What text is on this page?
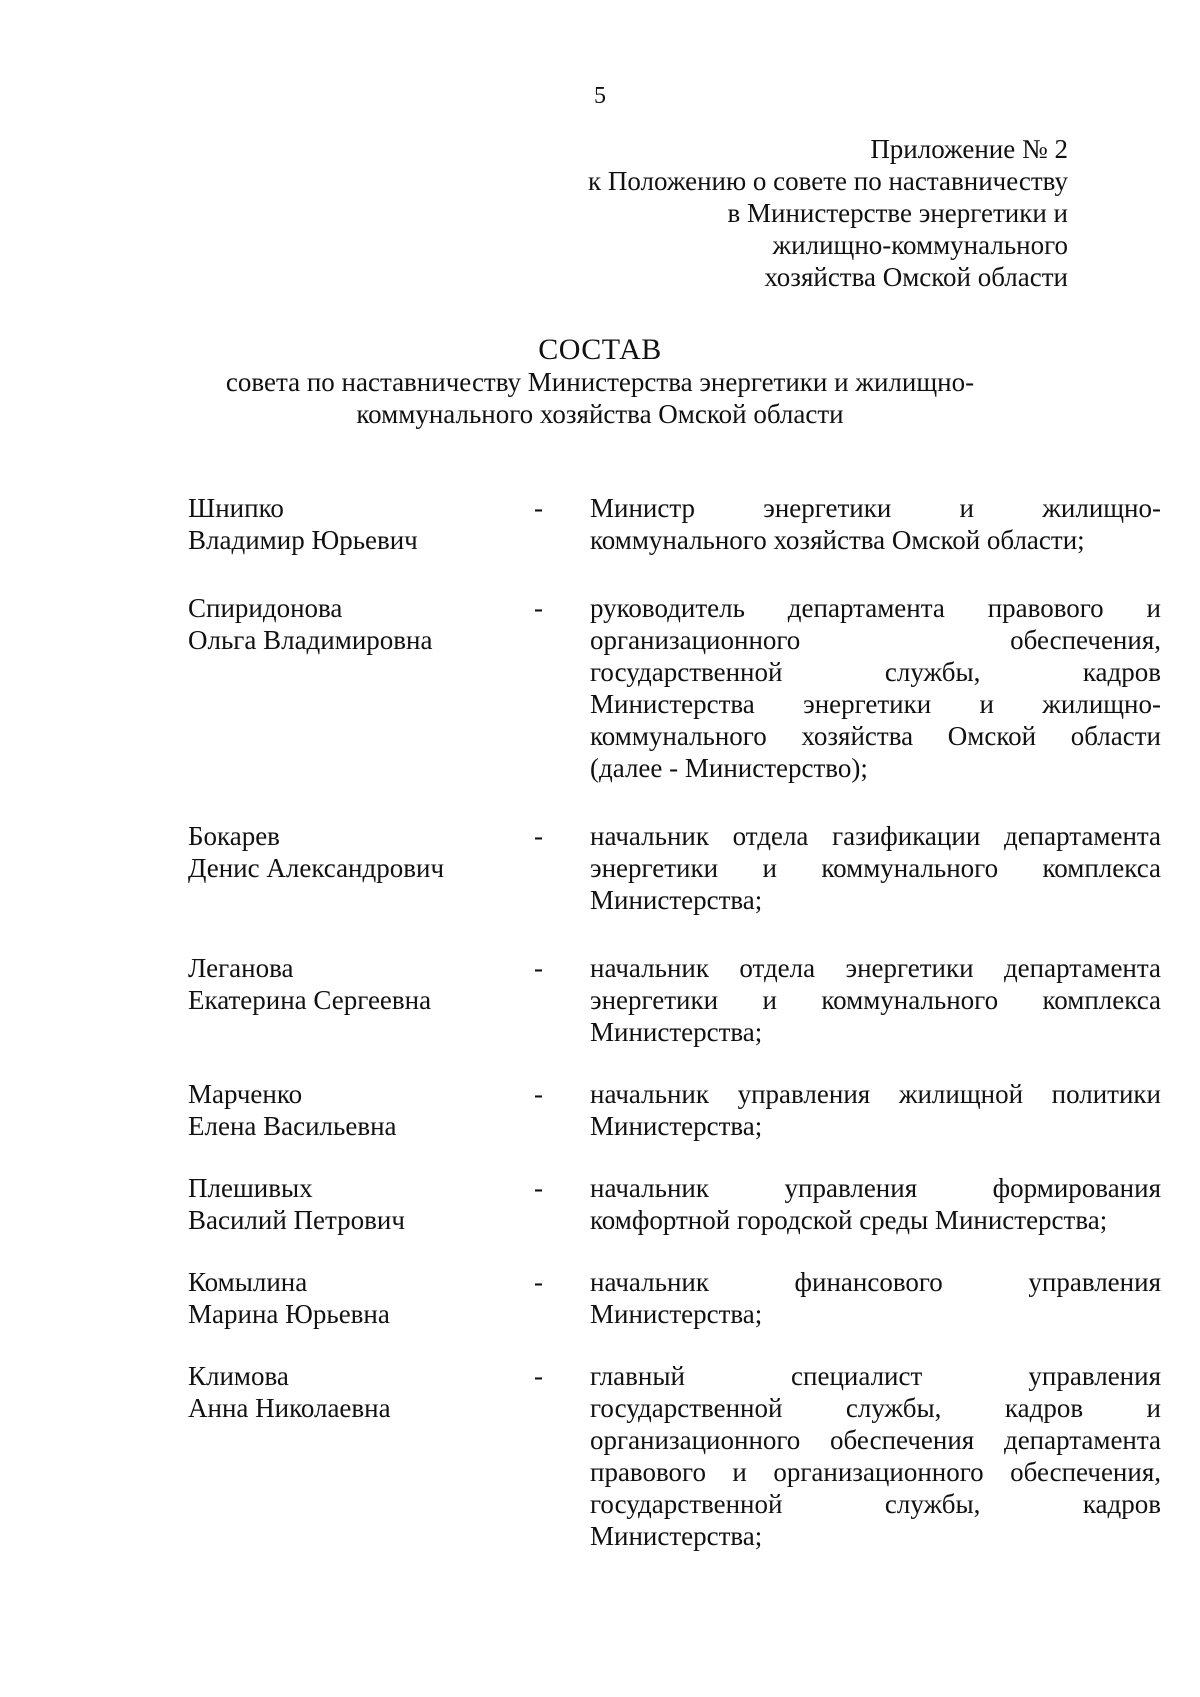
5
Приложение № 2
к Положению о совете по наставничеству
в Министерстве энергетики и
жилищно-коммунального
хозяйства Омской области
СОСТАВ
совета по наставничеству Министерства энергетики и жилищно-
коммунального хозяйства Омской области
Шнипко
Владимир Юрьевич
-	Министр энергетики и жилищно-
коммунального хозяйства Омской области;
Спиридонова
Ольга Владимировна
-	руководитель департамента правового и
организационного обеспечения,
государственной службы, кадров
Министерства энергетики и жилищно-
коммунального хозяйства Омской области
(далее - Министерство);
Бокарев
Денис Александрович
-	начальник отдела газификации департамента
энергетики и коммунального комплекса
Министерства;
Леганова
Екатерина Сергеевна
-	начальник отдела энергетики департамента
энергетики и коммунального комплекса
Министерства;
Марченко
Елена Васильевна
-	начальник управления жилищной политики
Министерства;
Плешивых
Василий Петрович
-	начальник управления формирования
комфортной городской среды Министерства;
Комылина
Марина Юрьевна
-	начальник финансового управления
Министерства;
Климова
Анна Николаевна
-	главный специалист управления
государственной службы, кадров и
организационного обеспечения департамента
правового и организационного обеспечения,
государственной службы, кадров
Министерства;
